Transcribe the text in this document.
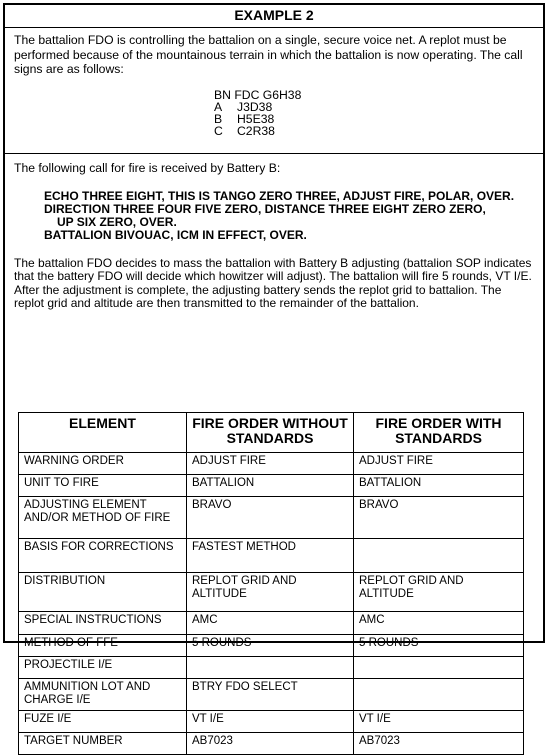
EXAMPLE 2

The battalion FDO is controlling the battalion on a single, secure voice net. A replot must be performed because of the mountainous terrain in which the battalion is now operating. The call signs are as follows:

BN FDC G6H38
A	J3D38
B	H5E38
C	C2R38

The following call for fire is received by Battery B:

ECHO THREE EIGHT, THIS IS TANGO ZERO THREE, ADJUST FIRE, POLAR, OVER.
DIRECTION THREE FOUR FIVE ZERO, DISTANCE THREE EIGHT ZERO ZERO,
UP SIX ZERO, OVER.
BATTALION BIVOUAC, ICM IN EFFECT, OVER.

The battalion FDO decides to mass the battalion with Battery B adjusting (battalion SOP indicates that the battery FDO will decide which howitzer will adjust). The battalion will fire 5 rounds, VT I/E. After the adjustment is complete, the adjusting battery sends the replot grid to battalion. The replot grid and altitude are then transmitted to the remainder of the battalion.

ELEMENT	FIRE ORDER WITHOUT STANDARDS	FIRE ORDER WITH STANDARDS
WARNING ORDER	ADJUST FIRE	ADJUST FIRE
UNIT TO FIRE	BATTALION	BATTALION
ADJUSTING ELEMENT AND/OR METHOD OF FIRE	BRAVO	BRAVO
BASIS FOR CORRECTIONS	FASTEST METHOD	
DISTRIBUTION	REPLOT GRID AND ALTITUDE	REPLOT GRID AND ALTITUDE
SPECIAL INSTRUCTIONS	AMC	AMC
METHOD OF FFE	5 ROUNDS	5 ROUNDS
PROJECTILE I/E		
AMMUNITION LOT AND CHARGE I/E	BTRY FDO SELECT	
FUZE I/E	VT I/E	VT I/E
TARGET NUMBER	AB7023	AB7023
